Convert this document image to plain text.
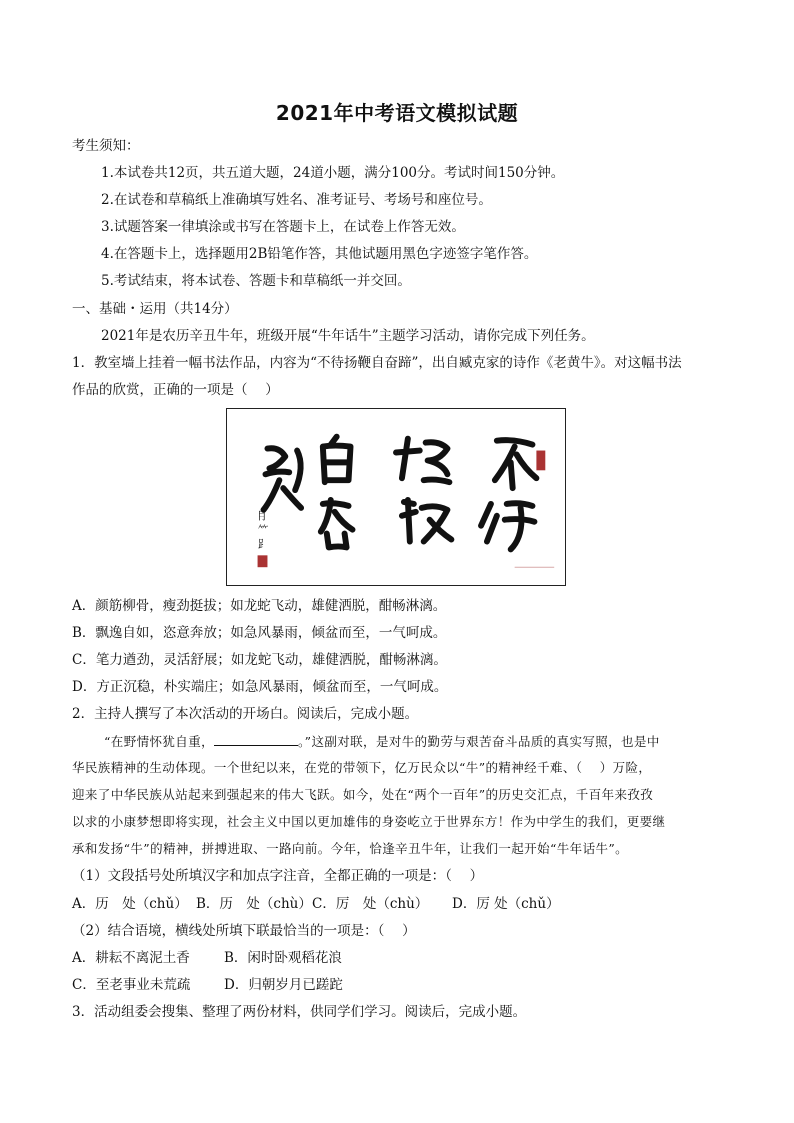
2021年中考语文模拟试题
考生须知：
1.本试卷共12页，共五道大题，24道小题，满分100分。考试时间150分钟。
2.在试卷和草稿纸上准确填写姓名、准考证号、考场号和座位号。
3.试题答案一律填涂或书写在答题卡上，在试卷上作答无效。
4.在答题卡上，选择题用2B铅笔作答，其他试题用黑色字迹签字笔作答。
5.考试结束，将本试卷、答题卡和草稿纸一并交回。
一、基础・运用（共14分）
2021年是农历辛丑牛年，班级开展“牛年话牛”主题学习活动，请你完成下列任务。
1．教室墙上挂着一幅书法作品，内容为“不待扬鞭自奋蹄”，出自臧克家的诗作《老黄牛》。对这幅书法
作品的欣赏，正确的一项是（　 ）
不待扬鞭自奋蹄
⺝
⺮
⻊
A．颜筋柳骨，瘦劲挺拔；如龙蛇飞动，雄健洒脱，酣畅淋漓。
B．飘逸自如，恣意奔放；如急风暴雨，倾盆而至，一气呵成。
C．笔力遒劲，灵活舒展；如龙蛇飞动，雄健洒脱，酣畅淋漓。
D．方正沉稳，朴实端庄；如急风暴雨，倾盆而至，一气呵成。
2．主持人撰写了本次活动的开场白。阅读后，完成小题。
“在野情怀犹自重，	。”这副对联，是对牛的勤劳与艰苦奋斗品质的真实写照，也是中
华民族精神的生动体现。一个世纪以来，在党的带领下，亿万民众以“牛”的精神经千难、（　 ）万险，
迎来了中华民族从站起来到强起来的伟大飞跃。如今，处在“两个一百年”的历史交汇点，千百年来孜孜
以求的小康梦想即将实现，社会主义中国以更加雄伟的身姿屹立于世界东方！作为中学生的我们，更要继
承和发扬“牛”的精神，拼搏进取、一路向前。今年，恰逢辛丑牛年，让我们一起开始“牛年话牛”。
（1）文段括号处所填汉字和加点字注音，全都正确的一项是：（　 ）
A．历　处（chǔ） B．历　处（chù）C．厉　处（chù） D．厉 处（chǔ）
（2）结合语境，横线处所填下联最恰当的一项是：（　 ）
A．耕耘不离泥土香	B．闲时卧观稻花浪
C．至老事业未荒疏 D．归朝岁月已蹉跎
3．活动组委会搜集、整理了两份材料，供同学们学习。阅读后，完成小题。
